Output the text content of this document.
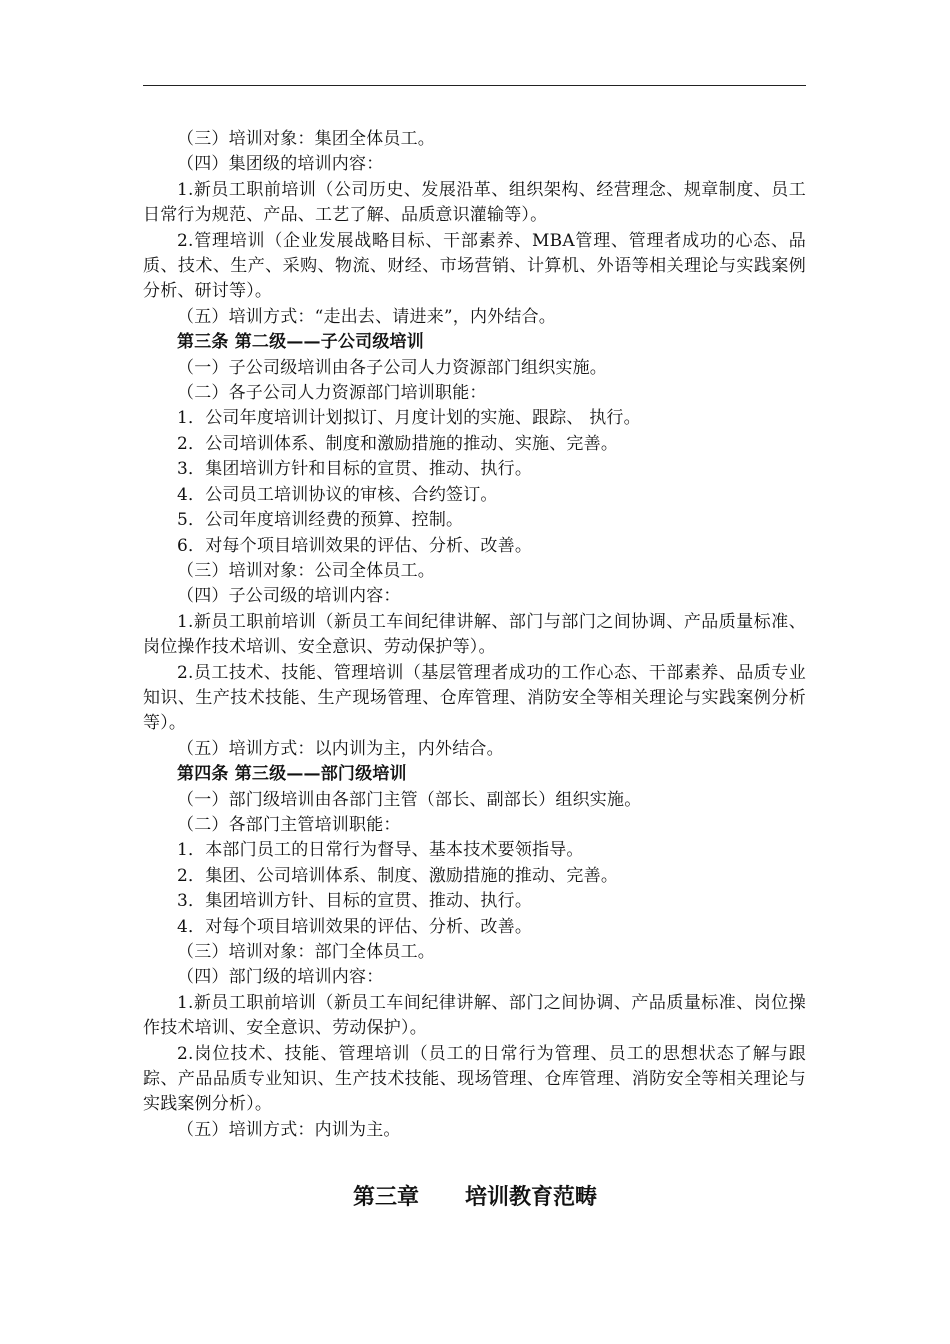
（三）培训对象：集团全体员工。

（四）集团级的培训内容：

1.新员工职前培训（公司历史、发展沿革、组织架构、经营理念、规章制度、员工日常行为规范、产品、工艺了解、品质意识灌输等）。

2.管理培训（企业发展战略目标、干部素养、MBA管理、管理者成功的心态、品质、技术、生产、采购、物流、财经、市场营销、计算机、外语等相关理论与实践案例分析、研讨等）。

（五）培训方式：“走出去、请进来”，内外结合。

第三条 第二级——子公司级培训

（一）子公司级培训由各子公司人力资源部门组织实施。

（二）各子公司人力资源部门培训职能：

1．公司年度培训计划拟订、月度计划的实施、跟踪、 执行。

2．公司培训体系、制度和激励措施的推动、实施、完善。

3．集团培训方针和目标的宣贯、推动、执行。

4．公司员工培训协议的审核、合约签订。

5．公司年度培训经费的预算、控制。

6．对每个项目培训效果的评估、分析、改善。

（三）培训对象：公司全体员工。

（四）子公司级的培训内容：

1.新员工职前培训（新员工车间纪律讲解、部门与部门之间协调、产品质量标准、岗位操作技术培训、安全意识、劳动保护等）。

2.员工技术、技能、管理培训（基层管理者成功的工作心态、干部素养、品质专业知识、生产技术技能、生产现场管理、仓库管理、消防安全等相关理论与实践案例分析等）。

（五）培训方式：以内训为主，内外结合。

第四条 第三级——部门级培训

（一）部门级培训由各部门主管（部长、副部长）组织实施。

（二）各部门主管培训职能：

1．本部门员工的日常行为督导、基本技术要领指导。

2．集团、公司培训体系、制度、激励措施的推动、完善。

3．集团培训方针、目标的宣贯、推动、执行。

4．对每个项目培训效果的评估、分析、改善。

（三）培训对象：部门全体员工。

（四）部门级的培训内容：

1.新员工职前培训（新员工车间纪律讲解、部门之间协调、产品质量标准、岗位操作技术培训、安全意识、劳动保护）。

2.岗位技术、技能、管理培训（员工的日常行为管理、员工的思想状态了解与跟踪、产品品质专业知识、生产技术技能、现场管理、仓库管理、消防安全等相关理论与实践案例分析）。

（五）培训方式：内训为主。

第三章      培训教育范畴
